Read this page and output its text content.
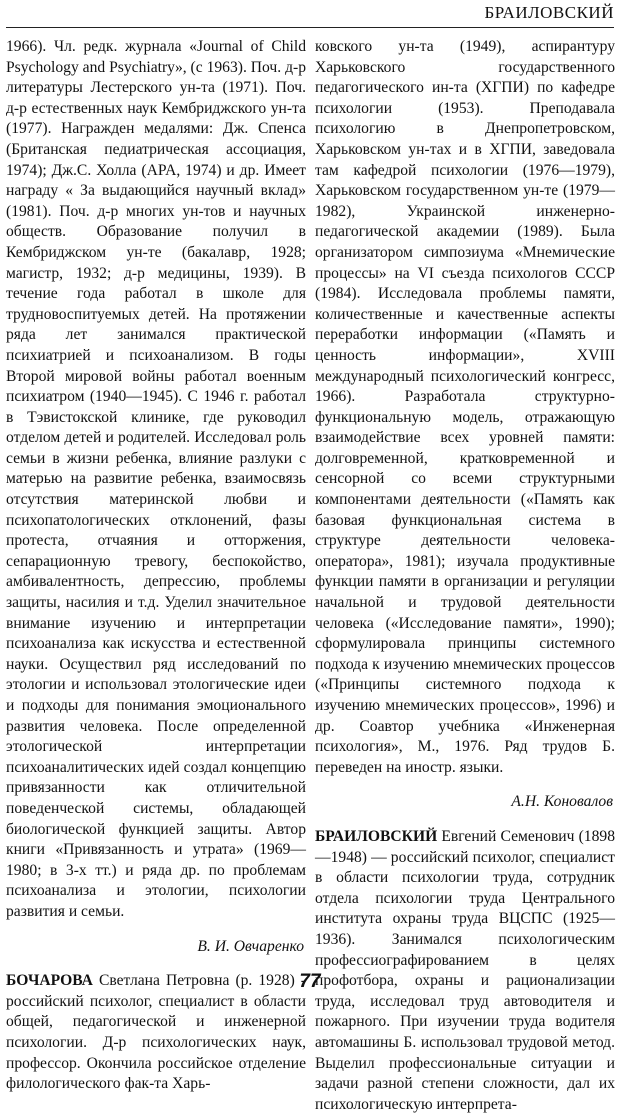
БРАИЛОВСКИЙ

1966). Чл. редк. журнала «Journal of Child Psychology and Psychiatry», (с 1963). Поч. д-р литературы Лестерского ун-та (1971). Поч. д-р естественных наук Кембриджского ун-та (1977). Награжден медалями: Дж. Спенса (Британская педиатрическая ассоциация, 1974); Дж.С. Холла (APA, 1974) и др. Имеет награду « За выдающийся научный вклад» (1981). Поч. д-р многих ун-тов и научных обществ. Образование получил в Кембриджском ун-те (бакалавр, 1928; магистр, 1932; д-р медицины, 1939). В течение года работал в школе для трудновоспитуемых детей. На протяжении ряда лет занимался практической психиатрией и психоанализом. В годы Второй мировой войны работал военным психиатром (1940—1945). С 1946 г. работал в Тэвистокской клинике, где руководил отделом детей и родителей. Исследовал роль семьи в жизни ребенка, влияние разлуки с матерью на развитие ребенка, взаимосвязь отсутствия материнской любви и психопатологических отклонений, фазы протеста, отчаяния и отторжения, сепарационную тревогу, беспокойство, амбивалентность, депрессию, проблемы защиты, насилия и т.д. Уделил значительное внимание изучению и интерпретации психоанализа как искусства и естественной науки. Осуществил ряд исследований по этологии и использовал этологические идеи и подходы для понимания эмоционального развития человека. После определенной этологической интерпретации психоаналитических идей создал концепцию привязанности как отличительной поведенческой системы, обладающей биологической функцией защиты. Автор книги «Привязанность и утрата» (1969—1980; в 3-х тт.) и ряда др. по проблемам психоанализа и этологии, психологии развития и семьи.

В. И. Овчаренко

БОЧАРОВА Светлана Петровна (р. 1928) - российский психолог, специалист в области общей, педагогической и инженерной психологии. Д-р психологических наук, профессор. Окончила российское отделение филологического фак-та Харь-

ковского ун-та (1949), аспирантуру Харьковского государственного педагогического ин-та (ХГПИ) по кафедре психологии (1953). Преподавала психологию в Днепропетровском, Харьковском ун-тах и в ХГПИ, заведовала там кафедрой психологии (1976—1979), Харьковском государственном ун-те (1979—1982), Украинской инженерно-педагогической академии (1989). Была организатором симпозиума «Мнемические процессы» на VI съезда психологов СССР (1984). Исследовала проблемы памяти, количественные и качественные аспекты переработки информации («Память и ценность информации», XVIII международный психологический конгресс, 1966). Разработала структурно-функциональную модель, отражающую взаимодействие всех уровней памяти: долговременной, кратковременной и сенсорной со всеми структурными компонентами деятельности («Память как базовая функциональная система в структуре деятельности человека-оператора», 1981); изучала продуктивные функции памяти в организации и регуляции начальной и трудовой деятельности человека («Исследование памяти», 1990); сформулировала принципы системного подхода к изучению мнемических процессов («Принципы системного подхода к изучению мнемических процессов», 1996) и др. Соавтор учебника «Инженерная психология», М., 1976. Ряд трудов Б. переведен на иностр. языки.

А.Н. Коновалов

БРАИЛОВСКИЙ Евгений Семенович (1898—1948) — российский психолог, специалист в области психологии труда, сотрудник отдела психологии труда Центрального института охраны труда ВЦСПС (1925—1936). Занимался психологическим профессиографированием в целях профотбора, охраны и рационализации труда, исследовал труд автоводителя и пожарного. При изучении труда водителя автомашины Б. использовал трудовой метод. Выделил профессиональные ситуации и задачи разной степени сложности, дал их психологическую интерпрета-

77
